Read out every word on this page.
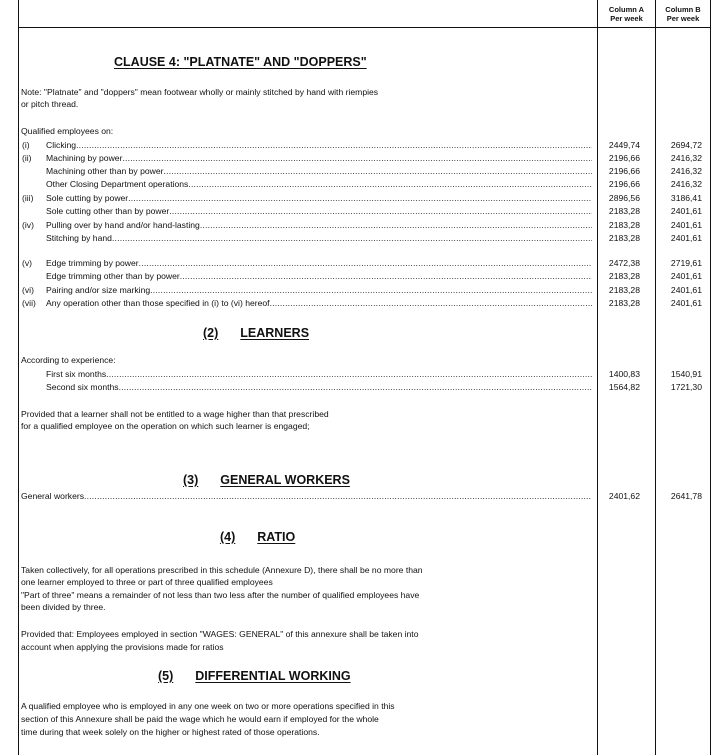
Column A
Per week
Column B
Per week
CLAUSE 4: "PLATNATE" AND "DOPPERS"
Note: "Platnate" and "doppers" mean footwear wholly or mainly stitched by hand with riempies
or pitch thread.
Qualified employees on:
(i)	Clicking .....	2449,74	2694,72
(ii)	Machining by power .....	2196,66	2416,32
Machining other than by power .....	2196,66	2416,32
Other Closing Department operations .....	2196,66	2416,32
(iii)	Sole cutting by power .....	2896,56	3186,41
Sole cutting other than by power .....	2183,28	2401,61
(iv)	Pulling over by hand and/or hand-lasting .....	2183,28	2401,61
Stitching by hand .....	2183,28	2401,61
(v)	Edge trimming by power .....	2472,38	2719,61
Edge trimming other than by power .....	2183,28	2401,61
(vi)	Pairing and/or size marking .....	2183,28	2401,61
(vii)	Any operation other than those specified in (i) to (vi) hereof .....	2183,28	2401,61
(2) LEARNERS
According to experience:
First six months .....	1400,83	1540,91
Second six months .....	1564,82	1721,30
Provided that a learner shall not be entitled to a wage higher than that prescribed
for a qualified employee on the operation on which such learner is engaged;
(3) GENERAL WORKERS
General workers .....	2401,62	2641,78
(4) RATIO
Taken collectively, for all operations prescribed in this schedule (Annexure D), there shall be no more than
one learner employed to three or part of three qualified employees
"Part of three" means a remainder of not less than two less after the number of qualified employees have
been divided by three.
Provided that: Employees employed in section "WAGES: GENERAL" of this annexure shall be taken into
account when applying the provisions made for ratios
(5) DIFFERENTIAL WORKING
A qualified employee who is employed in any one week on two or more operations specified in this
section of this Annexure shall be paid the wage which he would earn if employed for the whole
time during that week solely on the higher or highest rated of those operations.
